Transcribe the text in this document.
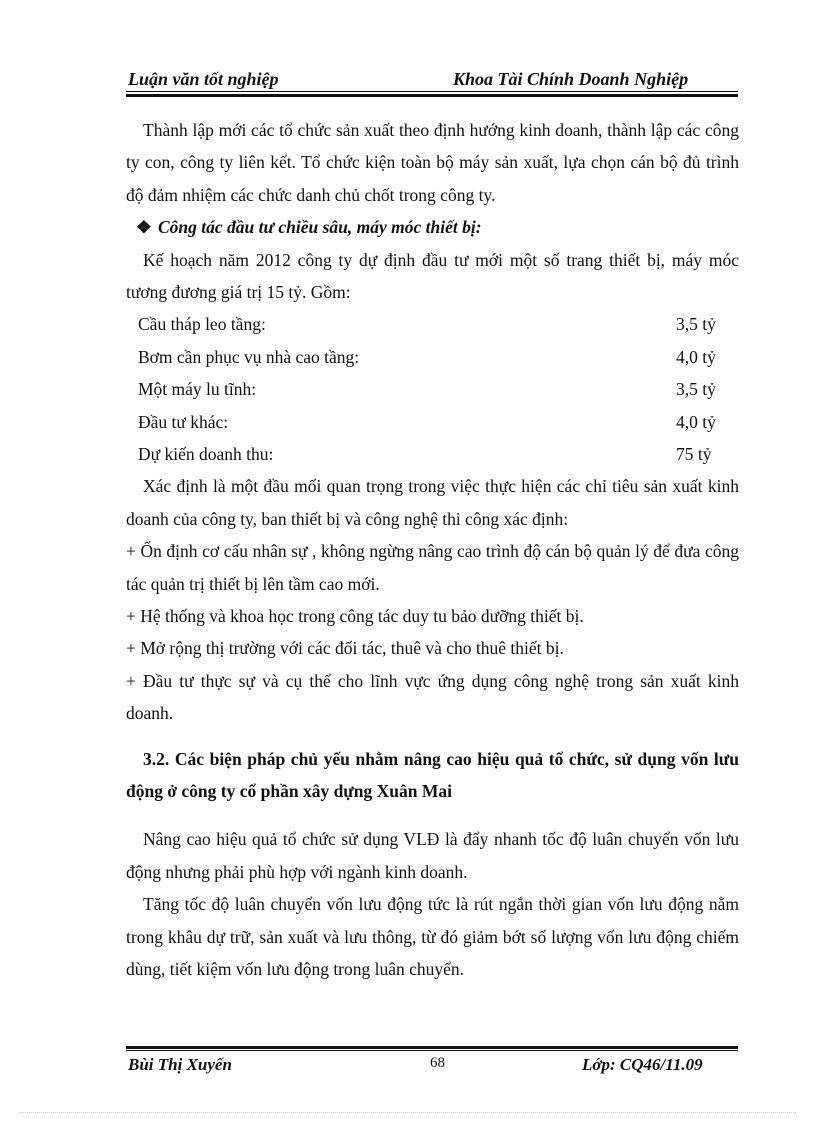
Luận văn tốt nghiệp	Khoa Tài Chính Doanh Nghiệp

Thành lập mới các tổ chức sản xuất theo định hướng kinh doanh, thành lập các công ty con, công ty liên kết. Tổ chức kiện toàn bộ máy sản xuất, lựa chọn cán bộ đủ trình độ đảm nhiệm các chức danh chủ chốt trong công ty.

❖ Công tác đầu tư chiều sâu, máy móc thiết bị:

Kế hoạch năm 2012 công ty dự định đầu tư mới một số trang thiết bị, máy móc tương đương giá trị 15 tỷ. Gồm:

Cầu tháp leo tầng:	3,5 tỷ
Bơm cần phục vụ nhà cao tầng:	4,0 tỷ
Một máy lu tĩnh:	3,5 tỷ
Đầu tư khác:	4,0 tỷ
Dự kiến doanh thu:	75 tỷ

Xác định là một đầu mối quan trọng trong việc thực hiện các chỉ tiêu sản xuất kinh doanh của công ty, ban thiết bị và công nghệ thi công xác định:

+ Ổn định cơ cấu nhân sự , không ngừng nâng cao trình độ cán bộ quản lý để đưa công tác quản trị thiết bị lên tầm cao mới.

+ Hệ thống và khoa học trong công tác duy tu bảo dưỡng thiết bị.

+ Mở rộng thị trường với các đối tác, thuê và cho thuê thiết bị.

+ Đầu tư thực sự và cụ thể cho lĩnh vực ứng dụng công nghệ trong sản xuất kinh doanh.

3.2. Các biện pháp chủ yếu nhằm nâng cao hiệu quả tổ chức, sử dụng vốn lưu động ở công ty cổ phần xây dựng Xuân Mai

Nâng cao hiệu quả tổ chức sử dụng VLĐ là đẩy nhanh tốc độ luân chuyển vốn lưu động nhưng phải phù hợp với ngành kinh doanh.

Tăng tốc độ luân chuyển vốn lưu động tức là rút ngắn thời gian vốn lưu động nằm trong khâu dự trữ, sản xuất và lưu thông, từ đó giảm bớt số lượng vốn lưu động chiếm dùng, tiết kiệm vốn lưu động trong luân chuyển.

Bùi Thị Xuyến	68	Lớp: CQ46/11.09
